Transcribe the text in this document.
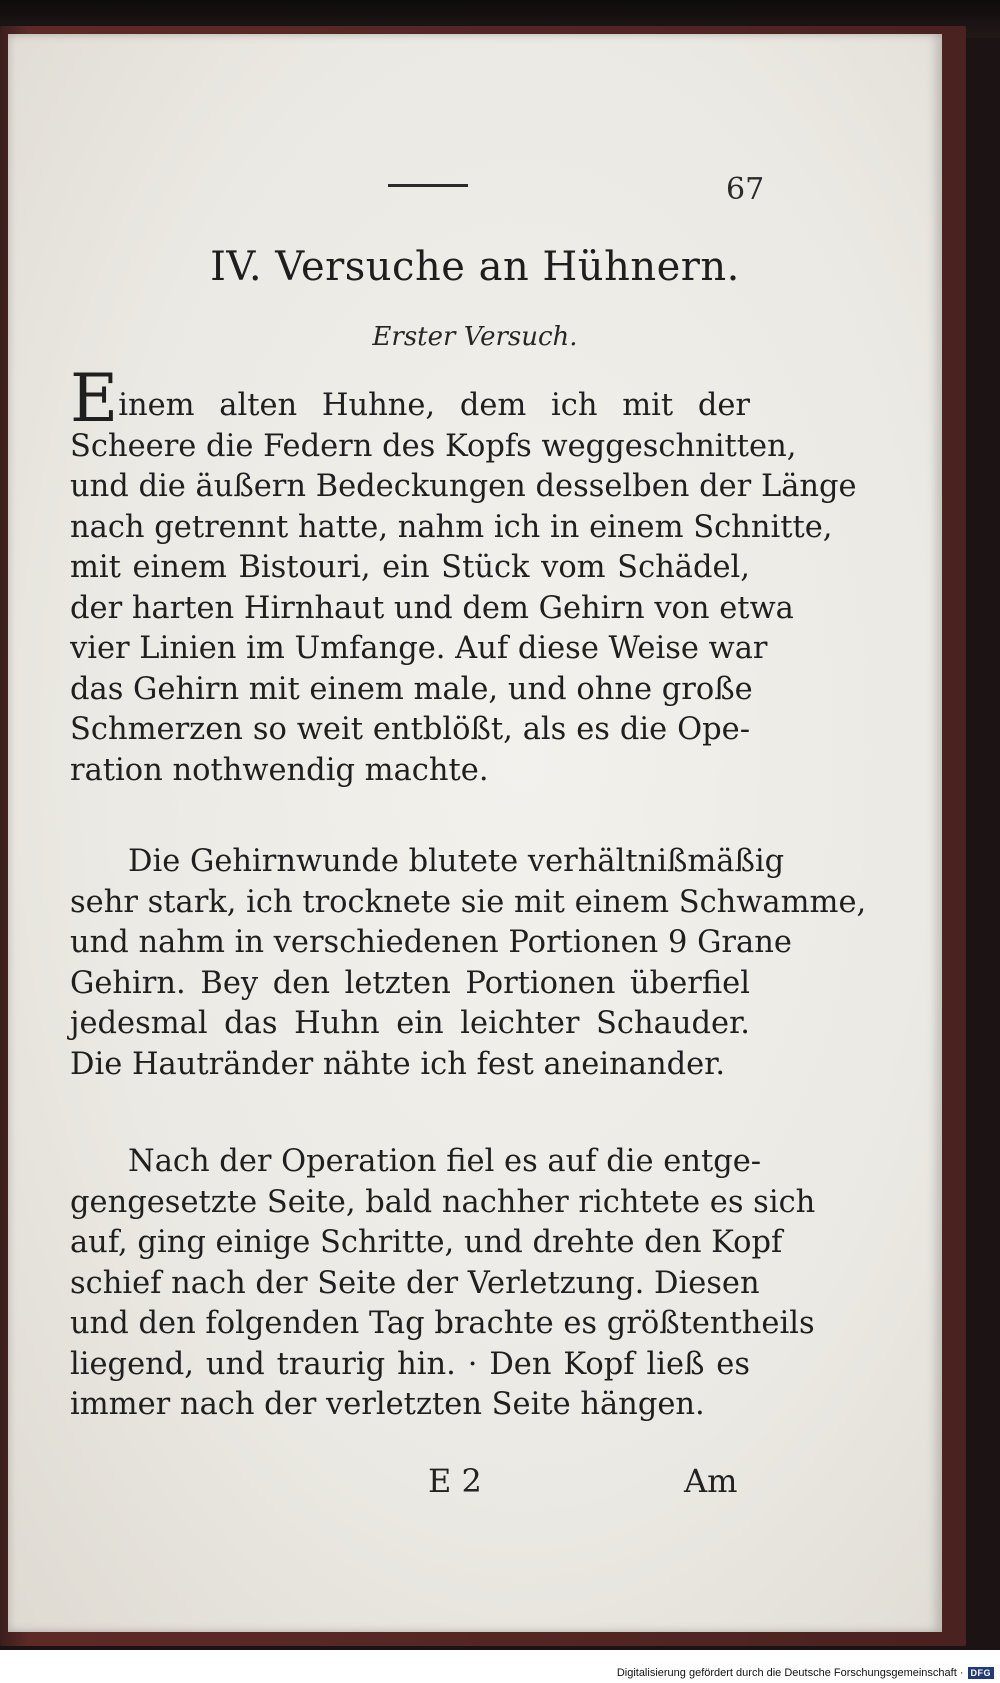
67
IV. Versuche an Hühnern.
Erster Versuch.

Einem alten Huhne, dem ich mit der
Scheere die Federn des Kopfs weggeschnitten,
und die äußern Bedeckungen desselben der Länge
nach getrennt hatte, nahm ich in einem Schnitte,
mit einem Bistouri, ein Stück vom Schädel,
der harten Hirnhaut und dem Gehirn von etwa
vier Linien im Umfange. Auf diese Weise war
das Gehirn mit einem male, und ohne große
Schmerzen so weit entblößt, als es die Ope-
ration nothwendig machte.

Die Gehirnwunde blutete verhältnißmäßig
sehr stark, ich trocknete sie mit einem Schwamme,
und nahm in verschiedenen Portionen 9 Grane
Gehirn. Bey den letzten Portionen überfiel
jedesmal das Huhn ein leichter Schauder.
Die Hautränder nähte ich fest aneinander.

Nach der Operation fiel es auf die entge-
gengesetzte Seite, bald nachher richtete es sich
auf, ging einige Schritte, und drehte den Kopf
schief nach der Seite der Verletzung. Diesen
und den folgenden Tag brachte es größtentheils
liegend, und traurig hin. · Den Kopf ließ es
immer nach der verletzten Seite hängen.

E 2	Am
Digitalisierung gefördert durch die Deutsche Forschungsgemeinschaft · DFG
